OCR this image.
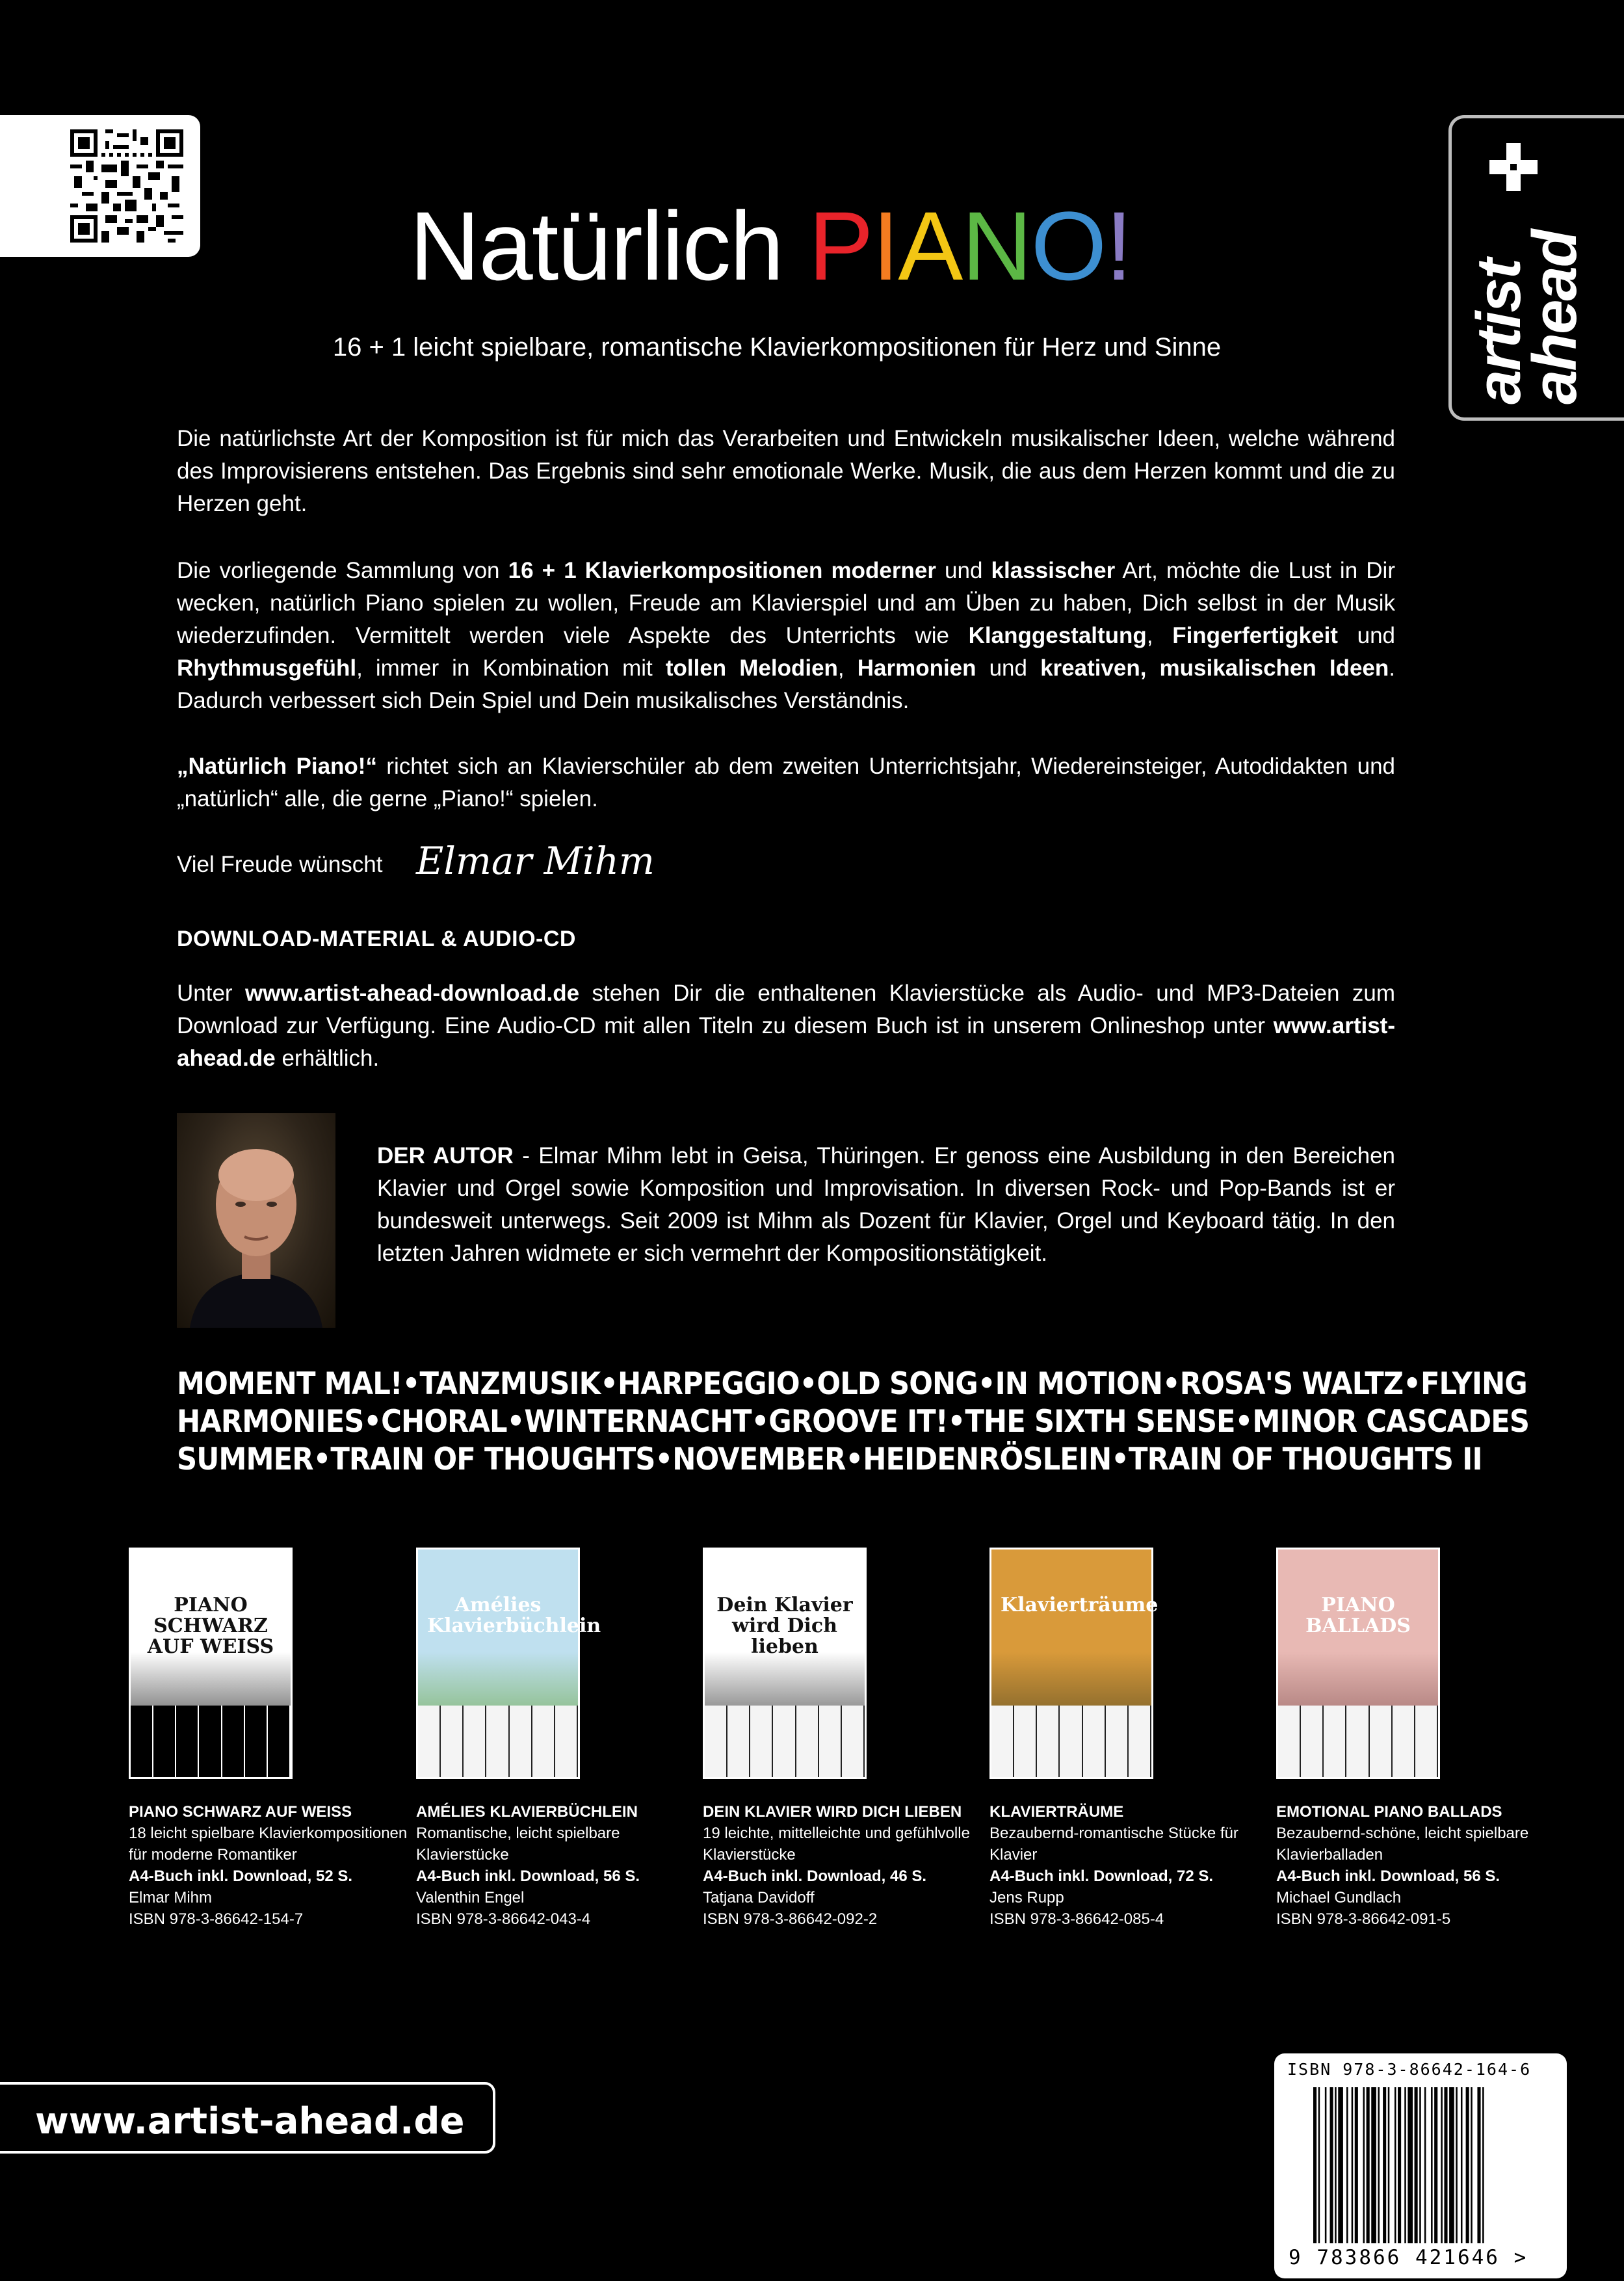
artist
ahead
Natürlich PIANO!
16 + 1 leicht spielbare, romantische Klavierkompositionen für Herz und Sinne
Die natürlichste Art der Komposition ist für mich das Verarbeiten und Entwickeln musikalischer Ideen, welche während des Improvisierens entstehen. Das Ergebnis sind sehr emotionale Werke. Musik, die aus dem Herzen kommt und die zu Herzen geht.
Die vorliegende Sammlung von 16 + 1 Klavierkompositionen moderner und klassischer Art, möchte die Lust in Dir wecken, natürlich Piano spielen zu wollen, Freude am Klavierspiel und am Üben zu haben, Dich selbst in der Musik wiederzufinden. Vermittelt werden viele Aspekte des Unterrichts wie Klanggestaltung, Fingerfertigkeit und Rhythmusgefühl, immer in Kombination mit tollen Melodien, Harmonien und kreativen, musikalischen Ideen. Dadurch verbessert sich Dein Spiel und Dein musikalisches Verständnis.
„Natürlich Piano!“ richtet sich an Klavierschüler ab dem zweiten Unterrichtsjahr, Wiedereinsteiger, Autodidakten und „natürlich“ alle, die gerne „Piano!“ spielen.
Viel Freude wünscht Elmar Mihm
DOWNLOAD-MATERIAL & AUDIO-CD
Unter www.artist-ahead-download.de stehen Dir die enthaltenen Klavierstücke als Audio- und MP3-Dateien zum Download zur Verfügung. Eine Audio-CD mit allen Titeln zu diesem Buch ist in unserem Onlineshop unter www.artist-ahead.de erhältlich.
DER AUTOR - Elmar Mihm lebt in Geisa, Thüringen. Er genoss eine Ausbildung in den Bereichen Klavier und Orgel sowie Komposition und Improvisation. In diversen Rock- und Pop-Bands ist er bundesweit unterwegs. Seit 2009 ist Mihm als Dozent für Klavier, Orgel und Keyboard tätig. In den letzten Jahren widmete er sich vermehrt der Kompositionstätigkeit.
MOMENT MAL! • TANZMUSIK • HARPEGGIO • OLD SONG • IN MOTION • ROSA'S WALTZ • FLYING
HARMONIES • CHORAL • WINTERNACHT • GROOVE IT! • THE SIXTH SENSE • MINOR CASCADES
SUMMER • TRAIN OF THOUGHTS • NOVEMBER • HEIDENRÖSLEIN • TRAIN OF THOUGHTS II
PIANO SCHWARZ AUF WEISS
PIANO SCHWARZ AUF WEISS
18 leicht spielbare Klavierkompositionen für moderne Romantiker
A4-Buch inkl. Download, 52 S.
Elmar Mihm
ISBN 978-3-86642-154-7
Amélies Klavierbüchlein
AMÉLIES KLAVIERBÜCHLEIN
Romantische, leicht spielbare Klavierstücke
A4-Buch inkl. Download, 56 S.
Valenthin Engel
ISBN 978-3-86642-043-4
Dein Klavier wird Dich lieben
DEIN KLAVIER WIRD DICH LIEBEN
19 leichte, mittelleichte und gefühlvolle Klavierstücke
A4-Buch inkl. Download, 46 S.
Tatjana Davidoff
ISBN 978-3-86642-092-2
Klavierträume
KLAVIERTRÄUME
Bezaubernd-romantische Stücke für Klavier
A4-Buch inkl. Download, 72 S.
Jens Rupp
ISBN 978-3-86642-085-4
PIANO BALLADS
EMOTIONAL PIANO BALLADS
Bezaubernd-schöne, leicht spielbare Klavierballaden
A4-Buch inkl. Download, 56 S.
Michael Gundlach
ISBN 978-3-86642-091-5
www.artist-ahead.de
ISBN 978-3-86642-164-6
9 783866 421646 >
